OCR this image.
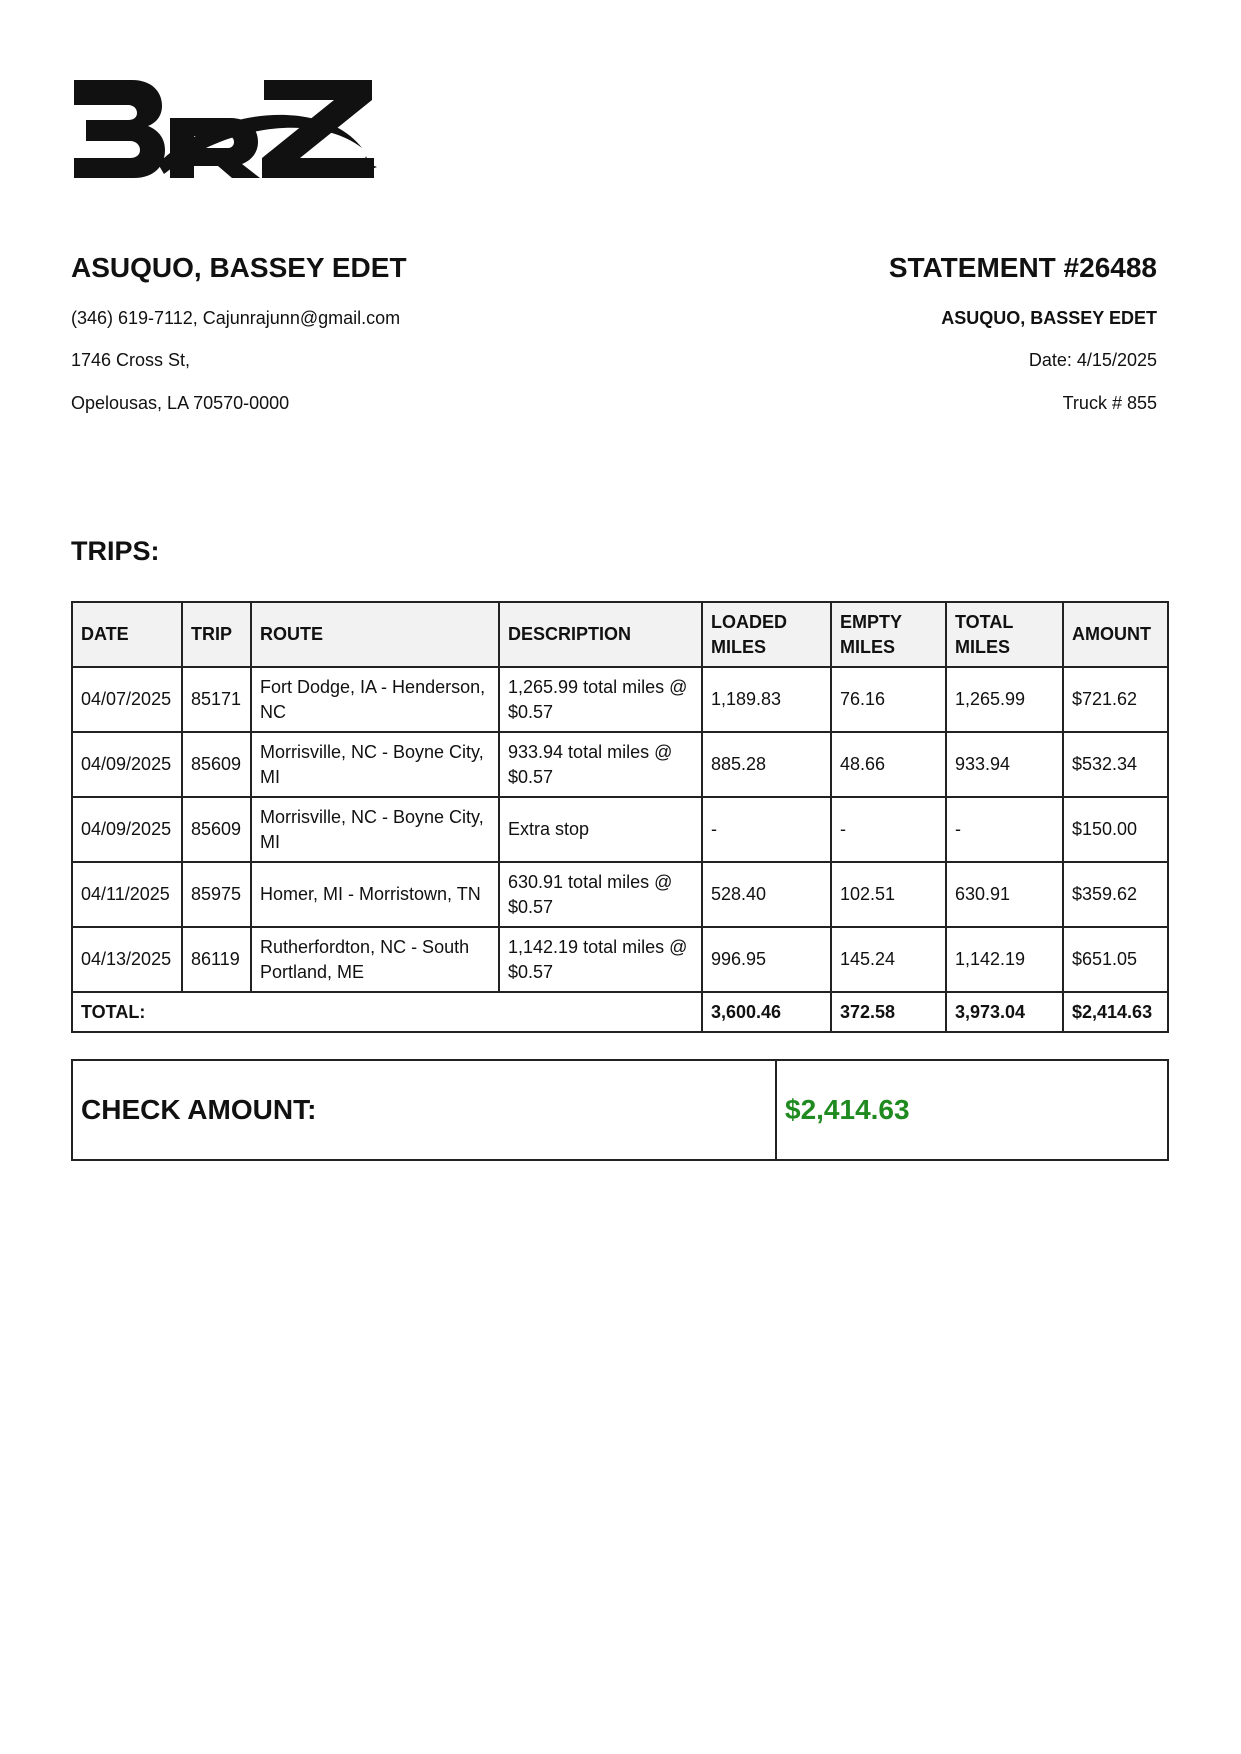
ASUQUO, BASSEY EDET
(346) 619-7112, Cajunrajunn@gmail.com
1746 Cross St,
Opelousas, LA 70570-0000
STATEMENT #26488
ASUQUO, BASSEY EDET
Date: 4/15/2025
Truck # 855
TRIPS:
DATE	TRIP	ROUTE	DESCRIPTION	LOADED MILES	EMPTY MILES	TOTAL MILES	AMOUNT
04/07/2025	85171	Fort Dodge, IA - Henderson, NC	1,265.99 total miles @ $0.57	1,189.83	76.16	1,265.99	$721.62
04/09/2025	85609	Morrisville, NC - Boyne City, MI	933.94 total miles @ $0.57	885.28	48.66	933.94	$532.34
04/09/2025	85609	Morrisville, NC - Boyne City, MI	Extra stop	-	-	-	$150.00
04/11/2025	85975	Homer, MI - Morristown, TN	630.91 total miles @ $0.57	528.40	102.51	630.91	$359.62
04/13/2025	86119	Rutherfordton, NC - South Portland, ME	1,142.19 total miles @ $0.57	996.95	145.24	1,142.19	$651.05
TOTAL:				3,600.46	372.58	3,973.04	$2,414.63
CHECK AMOUNT:	$2,414.63
